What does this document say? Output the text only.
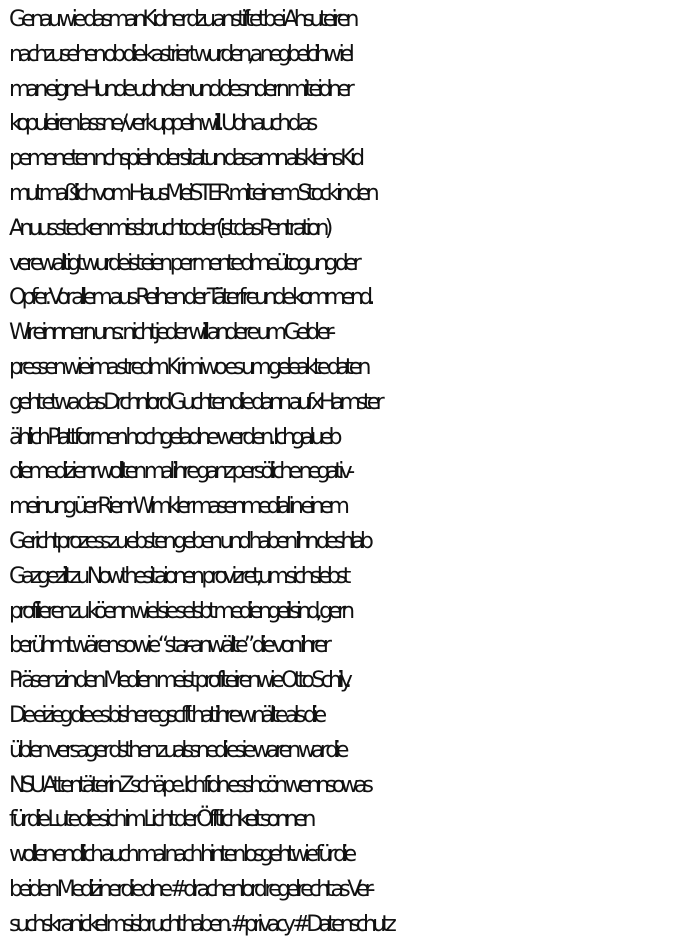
Genau wie dasmanKidner dzu anstiftet bei Ahsuteiren
nachzusehen ob die kastriert wurden,a negbelcihw iel
man eigne Hunde udn den und des ndern miteidner
kopuleiren lassne /verkuppeln will. Udn auch d as
pemeneten nchspieln dersitatun das amn als kleins Kid
mutmaßlich vom HausMeiSTER mit einem Stock in den
Anuus stecken missbrucht oder (ist das Pentration)
verewaltigt wurde ist eien permente dmeütogung der
Opfer. Vor allem aus Reihen der Täterfreunde kommend.
Wir einnnern uns: nicht jeder will andere um Geld er-
pressen wie ima stredm Krimi wo es um geleakte daten
geht etwa das Drchnlord Guchten die dann auf xHamster
ählich Plattformen hochgeladne werden. Ichgalueb
diemedizienr wollten mal ihre ganz persöliche negativ-
meinung üer Rienr Wimkler masenmedial in einem
Gerichtprozess zu ebsten geben und haben ihn deshlab
Gazgezilt zu Nowthesitaionen provizret,um sichslebst
profilieren zu köenn wiel sie selsbt mediengeil sind, gern
berühmt wären so wie “star-anwälte” die von ihrer
Präsenz in den Medien meist profiteirenwie Otto Schily.
Die eizieg die es bisher egscfft hat ihre wnälte als die
üblen versager dsthen zualssnedi esie waren war die
NSU Attentäterin Zschäpe. Ich fidn esshcön wennsowas
für die Lute die sich im Licht derÖfftlichkeit sonnen
wollen endlich auch mal nach hinten losgehtwie für die
beiden Medizinerdie dne #drachenlord regelrecht as Ver-
suchskranickel msisbrucht haben. #privacy #Datenschutz
